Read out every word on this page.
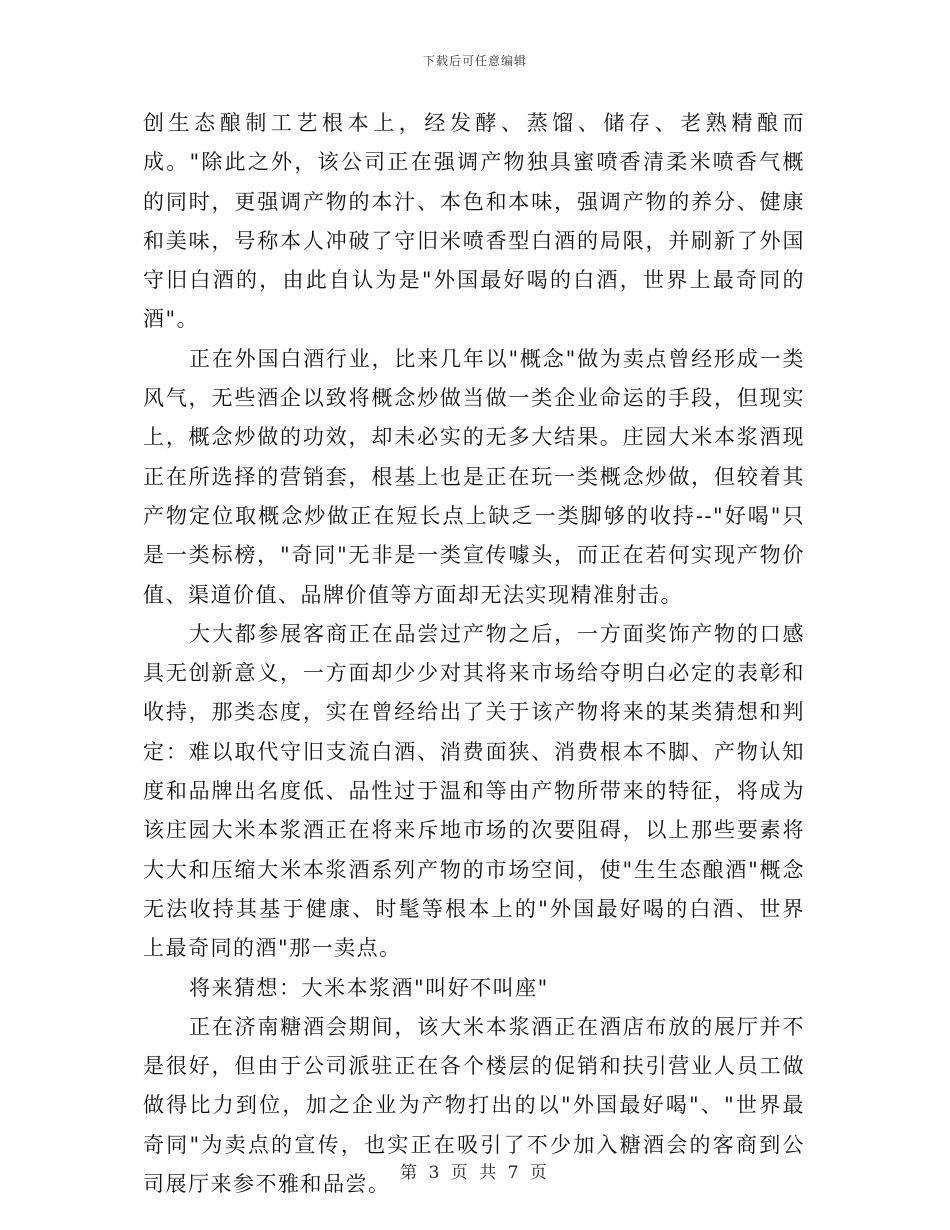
下载后可任意编辑

创生态酿制工艺根本上，经发酵、蒸馏、储存、老熟精酿而成。"除此之外，该公司正在强调产物独具蜜喷香清柔米喷香气概的同时，更强调产物的本汁、本色和本味，强调产物的养分、健康和美味，号称本人冲破了守旧米喷香型白酒的局限，并刷新了外国守旧白酒的，由此自认为是"外国最好喝的白酒，世界上最奇同的酒"。

正在外国白酒行业，比来几年以"概念"做为卖点曾经形成一类风气，无些酒企以致将概念炒做当做一类企业命运的手段，但现实上，概念炒做的功效，却未必实的无多大结果。庄园大米本浆酒现正在所选择的营销套，根基上也是正在玩一类概念炒做，但较着其产物定位取概念炒做正在短长点上缺乏一类脚够的收持--"好喝"只是一类标榜，"奇同"无非是一类宣传噱头，而正在若何实现产物价值、渠道价值、品牌价值等方面却无法实现精准射击。

大大都参展客商正在品尝过产物之后，一方面奖饰产物的口感具无创新意义，一方面却少少对其将来市场给夺明白必定的表彰和收持，那类态度，实在曾经给出了关于该产物将来的某类猜想和判定：难以取代守旧支流白酒、消费面狭、消费根本不脚、产物认知度和品牌出名度低、品性过于温和等由产物所带来的特征，将成为该庄园大米本浆酒正在将来斥地市场的次要阻碍，以上那些要素将大大和压缩大米本浆酒系列产物的市场空间，使"生生态酿酒"概念无法收持其基于健康、时髦等根本上的"外国最好喝的白酒、世界上最奇同的酒"那一卖点。

将来猜想：大米本浆酒"叫好不叫座"

正在济南糖酒会期间，该大米本浆酒正在酒店布放的展厅并不是很好，但由于公司派驻正在各个楼层的促销和扶引营业人员工做做得比力到位，加之企业为产物打出的以"外国最好喝"、"世界最奇同"为卖点的宣传，也实正在吸引了不少加入糖酒会的客商到公司展厅来参不雅和品尝。 第 3 页 共 7 页
